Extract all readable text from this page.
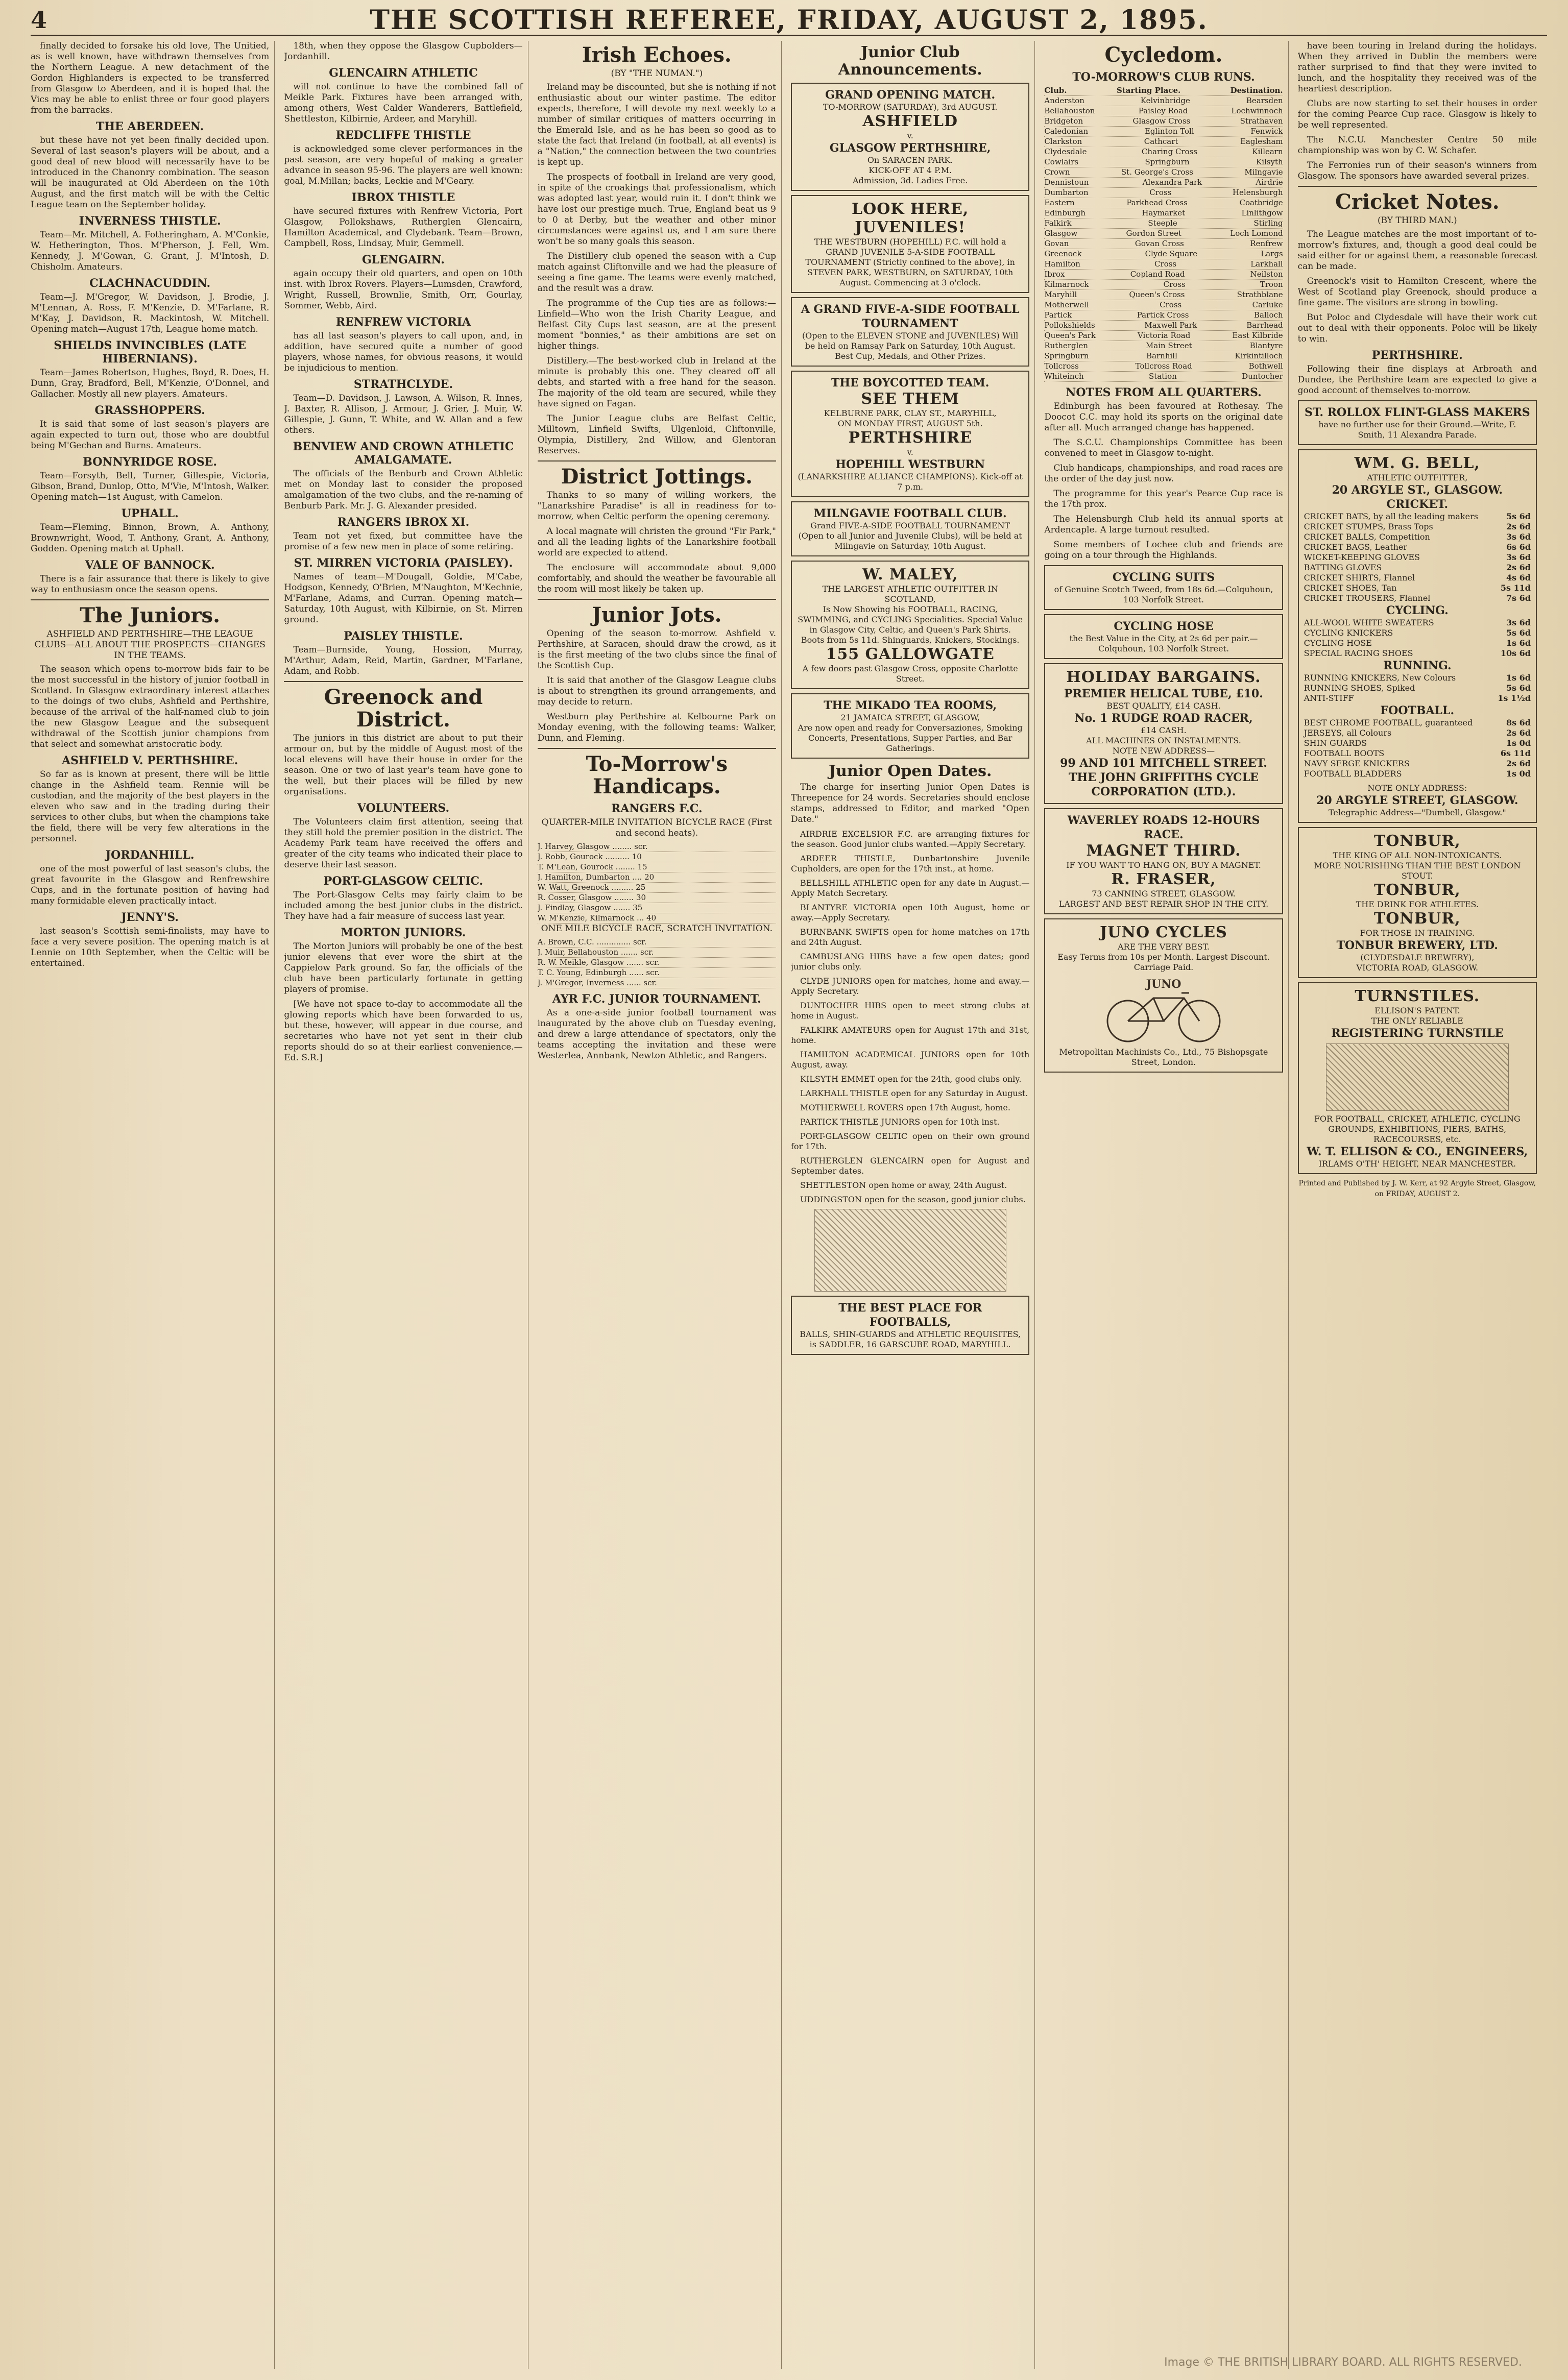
4	THE SCOTTISH REFEREE, FRIDAY, AUGUST 2, 1895.

finally decided to forsake his old love, The Unitied, as is well known, have withdrawn themselves from the Northern League. A new detachment of the Gordon Highlanders is expected to be transferred from Glasgow to Aberdeen, and it is hoped that the Vics may be able to enlist three or four good players from the barracks.

THE ABERDEEN.

but these have not yet been finally decided upon. Several of last season's players will be about, and a good deal of new blood will necessarily have to be introduced in the Chanonry combination. The season will be inaugurated at Old Aberdeen on the 10th August, and the first match will be with the Celtic League team on the September holiday.

INVERNESS THISTLE.

Team—Mr. Mitchell, A. Fotheringham, A. M'Conkie, W. Hetherington, Thos. M'Pherson, J. Fell, Wm. Kennedy, J. M'Gowan, G. Grant, J. M'Intosh, D. Chisholm. Amateurs.

CLACHNACUDDIN.

Team—J. M'Gregor, W. Davidson, J. Brodie, J. M'Lennan, A. Ross, F. M'Kenzie, D. M'Farlane, R. M'Kay, J. Davidson, R. Mackintosh, W. Mitchell. Opening match—August 17th, League home match.

SHIELDS INVINCIBLES (LATE HIBERNIANS).

Team—James Robertson, Hughes, Boyd, R. Does, H. Dunn, Gray, Bradford, Bell, M'Kenzie, O'Donnel, and Gallacher. Mostly all new players. Amateurs.

GRASSHOPPERS.

It is said that some of last season's players are again expected to turn out, those who are doubtful being M'Gechan and Burns. Amateurs.

BONNYRIDGE ROSE.

Team—Forsyth, Bell, Turner, Gillespie, Victoria, Gibson, Brand, Dunlop, Otto, M'Vie, M'Intosh, Walker. Opening match—1st August, with Camelon.

UPHALL.

Team—Fleming, Binnon, Brown, A. Anthony, Brownwright, Wood, T. Anthony, Grant, A. Anthony, Godden. Opening match at Uphall.

VALE OF BANNOCK.

There is a fair assurance that there is likely to give way to enthusiasm once the season opens.

The Juniors.
ASHFIELD AND PERTHSHIRE—THE LEAGUE CLUBS—ALL ABOUT THE PROSPECTS—CHANGES IN THE TEAMS.

The season which opens to-morrow bids fair to be the most successful in the history of junior football in Scotland. In Glasgow extraordinary interest attaches to the doings of two clubs, Ashfield and Perthshire, because of the arrival of the half-named club to join the new Glasgow League and the subsequent withdrawal of the Scottish junior champions from that select and somewhat aristocratic body.

ASHFIELD V. PERTHSHIRE.

So far as is known at present, there will be little change in the Ashfield team. Rennie will be custodian, and the majority of the best players in the eleven who saw and in the trading during their services to other clubs, but when the champions take the field, there will be very few alterations in the personnel.

JORDANHILL.

one of the most powerful of last season's clubs, the great favourite in the Glasgow and Renfrewshire Cups, and in the fortunate position of having had many formidable eleven practically intact.

JENNY'S.

last season's Scottish semi-finalists, may have to face a very severe position. The opening match is at Lennie on 10th September, when the Celtic will be entertained.

18th, when they oppose the Glasgow Cupbolders—Jordanhill.

GLENCAIRN ATHLETIC

will not continue to have the combined fall of Meikle Park. Fixtures have been arranged with, among others, West Calder Wanderers, Battlefield, Shettleston, Kilbirnie, Ardeer, and Maryhill.

REDCLIFFE THISTLE

is acknowledged some clever performances in the past season, are very hopeful of making a greater advance in season 95-96. The players are well known: goal, M.Millan; backs, Leckie and M'Geary.

IBROX THISTLE

have secured fixtures with Renfrew Victoria, Port Glasgow, Pollokshaws, Rutherglen Glencairn, Hamilton Academical, and Clydebank. Team—Brown, Campbell, Ross, Lindsay, Muir, Gemmell.

GLENGAIRN.

again occupy their old quarters, and open on 10th inst. with Ibrox Rovers. Players—Lumsden, Crawford, Wright, Russell, Brownlie, Smith, Orr, Gourlay, Sommer, Webb, Aird.

RENFREW VICTORIA

has all last season's players to call upon, and, in addition, have secured quite a number of good players, whose names, for obvious reasons, it would be injudicious to mention.

STRATHCLYDE.

Team—D. Davidson, J. Lawson, A. Wilson, R. Innes, J. Baxter, R. Allison, J. Armour, J. Grier, J. Muir, W. Gillespie, J. Gunn, T. White, and W. Allan and a few others.

BENVIEW AND CROWN ATHLETIC AMALGAMATE.

The officials of the Benburb and Crown Athletic met on Monday last to consider the proposed amalgamation of the two clubs, and the re-naming of Benburb Park. Mr. J. G. Alexander presided.

RANGERS IBROX XI.

Team not yet fixed, but committee have the promise of a few new men in place of some retiring.

ST. MIRREN VICTORIA (PAISLEY).

Names of team—M'Dougall, Goldie, M'Cabe, Hodgson, Kennedy, O'Brien, M'Naughton, M'Kechnie, M'Farlane, Adams, and Curran. Opening match—Saturday, 10th August, with Kilbirnie, on St. Mirren ground.

PAISLEY THISTLE.

Team—Burnside, Young, Hossion, Murray, M'Arthur, Adam, Reid, Martin, Gardner, M'Farlane, Adam, and Robb.

Greenock and District.

The juniors in this district are about to put their armour on, but by the middle of August most of the local elevens will have their house in order for the season. One or two of last year's team have gone to the well, but their places will be filled by new organisations.

VOLUNTEERS.

The Volunteers claim first attention, seeing that they still hold the premier position in the district. The Academy Park team have received the offers and greater of the city teams who indicated their place to deserve their last season.

PORT-GLASGOW CELTIC.

The Port-Glasgow Celts may fairly claim to be included among the best junior clubs in the district. They have had a fair measure of success last year.

MORTON JUNIORS.

The Morton Juniors will probably be one of the best junior elevens that ever wore the shirt at the Cappielow Park ground. So far, the officials of the club have been particularly fortunate in getting players of promise.

[We have not space to-day to accommodate all the glowing reports which have been forwarded to us, but these, however, will appear in due course, and secretaries who have not yet sent in their club reports should do so at their earliest convenience.—Ed. S.R.]

Irish Echoes.
(BY "THE NUMAN.")

Ireland may be discounted, but she is nothing if not enthusiastic about our winter pastime. The editor expects, therefore, I will devote my next weekly to a number of similar critiques of matters occurring in the Emerald Isle, and as he has been so good as to state the fact that Ireland (in football, at all events) is a "Nation," the connection between the two countries is kept up.

The prospects of football in Ireland are very good, in spite of the croakings that professionalism, which was adopted last year, would ruin it. I don't think we have lost our prestige much. True, England beat us 9 to 0 at Derby, but the weather and other minor circumstances were against us, and I am sure there won't be so many goals this season.

The Distillery club opened the season with a Cup match against Cliftonville and we had the pleasure of seeing a fine game. The teams were evenly matched, and the result was a draw.

The programme of the Cup ties are as follows:—Linfield—Who won the Irish Charity League, and Belfast City Cups last season, are at the present moment "bonnies," as their ambitions are set on higher things.

Distillery.—The best-worked club in Ireland at the minute is probably this one. They cleared off all debts, and started with a free hand for the season. The majority of the old team are secured, while they have signed on Fagan.

The Junior League clubs are Belfast Celtic, Milltown, Linfield Swifts, Ulgenloid, Cliftonville, Olympia, Distillery, 2nd Willow, and Glentoran Reserves.

District Jottings.

Thanks to so many of willing workers, the "Lanarkshire Paradise" is all in readiness for to-morrow, when Celtic perform the opening ceremony.

A local magnate will christen the ground "Fir Park," and all the leading lights of the Lanarkshire football world are expected to attend.

The enclosure will accommodate about 9,000 comfortably, and should the weather be favourable all the room will most likely be taken up.

Junior Jots.

Opening of the season to-morrow. Ashfield v. Perthshire, at Saracen, should draw the crowd, as it is the first meeting of the two clubs since the final of the Scottish Cup.

It is said that another of the Glasgow League clubs is about to strengthen its ground arrangements, and may decide to return.

Westburn play Perthshire at Kelbourne Park on Monday evening, with the following teams: Walker, Dunn, and Fleming.

To-Morrow's Handicaps.
RANGERS F.C.
QUARTER-MILE INVITATION BICYCLE RACE (First and second heats).
J. Harvey, Glasgow ........ scr.
J. Robb, Gourock .......... 10
T. M'Lean, Gourock ........ 15
J. Hamilton, Dumbarton .... 20
W. Watt, Greenock ......... 25
R. Cosser, Glasgow ........ 30
J. Findlay, Glasgow ....... 35
W. M'Kenzie, Kilmarnock ... 40
ONE MILE BICYCLE RACE, SCRATCH INVITATION.
A. Brown, C.C. .............. scr.
J. Muir, Bellahouston ....... scr.
R. W. Meikle, Glasgow ....... scr.
T. C. Young, Edinburgh ...... scr.
J. M'Gregor, Inverness ...... scr.
AYR F.C. JUNIOR TOURNAMENT.

As a one-a-side junior football tournament was inaugurated by the above club on Tuesday evening, and drew a large attendance of spectators, only the teams accepting the invitation and these were Westerlea, Annbank, Newton Athletic, and Rangers.

Junior Club Announcements.
GRAND OPENING MATCH.
TO-MORROW (SATURDAY), 3rd AUGUST.
ASHFIELD
v.
GLASGOW PERTHSHIRE,
On SARACEN PARK.
KICK-OFF AT 4 P.M.
Admission, 3d. Ladies Free.
LOOK HERE, JUVENILES!
THE WESTBURN (HOPEHILL) F.C. will hold a GRAND JUVENILE 5-A-SIDE FOOTBALL TOURNAMENT (Strictly confined to the above), in STEVEN PARK, WESTBURN, on SATURDAY, 10th August. Commencing at 3 o'clock.
A GRAND FIVE-A-SIDE FOOTBALL TOURNAMENT
(Open to the ELEVEN STONE and JUVENILES) Will be held on Ramsay Park on Saturday, 10th August. Best Cup, Medals, and Other Prizes.
THE BOYCOTTED TEAM.
SEE THEM
KELBURNE PARK, CLAY ST., MARYHILL,
ON MONDAY FIRST, AUGUST 5th.
PERTHSHIRE
v.
HOPEHILL WESTBURN
(LANARKSHIRE ALLIANCE CHAMPIONS). Kick-off at 7 p.m.
MILNGAVIE FOOTBALL CLUB.
Grand FIVE-A-SIDE FOOTBALL TOURNAMENT (Open to all Junior and Juvenile Clubs), will be held at Milngavie on Saturday, 10th August.
W. MALEY,
THE LARGEST ATHLETIC OUTFITTER IN SCOTLAND,
Is Now Showing his FOOTBALL, RACING, SWIMMING, and CYCLING Specialities. Special Value in Glasgow City, Celtic, and Queen's Park Shirts. Boots from 5s 11d. Shinguards, Knickers, Stockings.
155 GALLOWGATE
A few doors past Glasgow Cross, opposite Charlotte Street.
THE MIKADO TEA ROOMS,
21 JAMAICA STREET, GLASGOW,
Are now open and ready for Conversaziones, Smoking Concerts, Presentations, Supper Parties, and Bar Gatherings.
Junior Open Dates.

The charge for inserting Junior Open Dates is Threepence for 24 words. Secretaries should enclose stamps, addressed to Editor, and marked "Open Date."

AIRDRIE EXCELSIOR F.C. are arranging fixtures for the season. Good junior clubs wanted.—Apply Secretary.

ARDEER THISTLE, Dunbartonshire Juvenile Cupholders, are open for the 17th inst., at home.

BELLSHILL ATHLETIC open for any date in August.—Apply Match Secretary.

BLANTYRE VICTORIA open 10th August, home or away.—Apply Secretary.

BURNBANK SWIFTS open for home matches on 17th and 24th August.

CAMBUSLANG HIBS have a few open dates; good junior clubs only.

CLYDE JUNIORS open for matches, home and away.—Apply Secretary.

DUNTOCHER HIBS open to meet strong clubs at home in August.

FALKIRK AMATEURS open for August 17th and 31st, home.

HAMILTON ACADEMICAL JUNIORS open for 10th August, away.

KILSYTH EMMET open for the 24th, good clubs only.

LARKHALL THISTLE open for any Saturday in August.

MOTHERWELL ROVERS open 17th August, home.

PARTICK THISTLE JUNIORS open for 10th inst.

PORT-GLASGOW CELTIC open on their own ground for 17th.

RUTHERGLEN GLENCAIRN open for August and September dates.

SHETTLESTON open home or away, 24th August.

UDDINGSTON open for the season, good junior clubs.

THE BEST PLACE FOR FOOTBALLS,
BALLS, SHIN-GUARDS and ATHLETIC REQUISITES, is SADDLER, 16 GARSCUBE ROAD, MARYHILL.
Cycledom.
TO-MORROW'S CLUB RUNS.
Club.	Starting Place.	Destination.
Anderston	Kelvinbridge	Bearsden
Bellahouston	Paisley Road	Lochwinnoch
Bridgeton	Glasgow Cross	Strathaven
Caledonian	Eglinton Toll	Fenwick
Clarkston	Cathcart	Eaglesham
Clydesdale	Charing Cross	Killearn
Cowlairs	Springburn	Kilsyth
Crown	St. George's Cross	Milngavie
Dennistoun	Alexandra Park	Airdrie
Dumbarton	Cross	Helensburgh
Eastern	Parkhead Cross	Coatbridge
Edinburgh	Haymarket	Linlithgow
Falkirk	Steeple	Stirling
Glasgow	Gordon Street	Loch Lomond
Govan	Govan Cross	Renfrew
Greenock	Clyde Square	Largs
Hamilton	Cross	Larkhall
Ibrox	Copland Road	Neilston
Kilmarnock	Cross	Troon
Maryhill	Queen's Cross	Strathblane
Motherwell	Cross	Carluke
Partick	Partick Cross	Balloch
Pollokshields	Maxwell Park	Barrhead
Queen's Park	Victoria Road	East Kilbride
Rutherglen	Main Street	Blantyre
Springburn	Barnhill	Kirkintilloch
Tollcross	Tollcross Road	Bothwell
Whiteinch	Station	Duntocher
NOTES FROM ALL QUARTERS.

Edinburgh has been favoured at Rothesay. The Doocot C.C. may hold its sports on the original date after all. Much arranged change has happened.

The S.C.U. Championships Committee has been convened to meet in Glasgow to-night.

Club handicaps, championships, and road races are the order of the day just now.

The programme for this year's Pearce Cup race is the 17th prox.

The Helensburgh Club held its annual sports at Ardencaple. A large turnout resulted.

Some members of Lochee club and friends are going on a tour through the Highlands.

CYCLING SUITS
of Genuine Scotch Tweed, from 18s 6d.—Colquhoun, 103 Norfolk Street.
CYCLING HOSE
the Best Value in the City, at 2s 6d per pair.—Colquhoun, 103 Norfolk Street.
HOLIDAY BARGAINS.
PREMIER HELICAL TUBE, £10.
BEST QUALITY, £14 CASH.
No. 1 RUDGE ROAD RACER,
£14 CASH.
ALL MACHINES ON INSTALMENTS.
NOTE NEW ADDRESS—
99 AND 101 MITCHELL STREET.
THE JOHN GRIFFITHS CYCLE CORPORATION (LTD.).
WAVERLEY ROADS 12-HOURS RACE.
MAGNET THIRD.
IF YOU WANT TO HANG ON, BUY A MAGNET.
R. FRASER,
73 CANNING STREET, GLASGOW.
LARGEST AND BEST REPAIR SHOP IN THE CITY.
JUNO CYCLES
ARE THE VERY BEST.
Easy Terms from 10s per Month. Largest Discount. Carriage Paid.
JUNO
Metropolitan Machinists Co., Ltd., 75 Bishopsgate Street, London.

have been touring in Ireland during the holidays. When they arrived in Dublin the members were rather surprised to find that they were invited to lunch, and the hospitality they received was of the heartiest description.

Clubs are now starting to set their houses in order for the coming Pearce Cup race. Glasgow is likely to be well represented.

The N.C.U. Manchester Centre 50 mile championship was won by C. W. Schafer.

The Ferronies run of their season's winners from Glasgow. The sponsors have awarded several prizes.

Cricket Notes.
(BY THIRD MAN.)

The League matches are the most important of to-morrow's fixtures, and, though a good deal could be said either for or against them, a reasonable forecast can be made.

Greenock's visit to Hamilton Crescent, where the West of Scotland play Greenock, should produce a fine game. The visitors are strong in bowling.

But Poloc and Clydesdale will have their work cut out to deal with their opponents. Poloc will be likely to win.

PERTHSHIRE.

Following their fine displays at Arbroath and Dundee, the Perthshire team are expected to give a good account of themselves to-morrow.

ST. ROLLOX FLINT-GLASS MAKERS
have no further use for their Ground.—Write, F. Smith, 11 Alexandra Parade.
WM. G. BELL,
ATHLETIC OUTFITTER,
20 ARGYLE ST., GLASGOW.
CRICKET.
CRICKET BATS, by all the leading makers	5s 6d
CRICKET STUMPS, Brass Tops	2s 6d
CRICKET BALLS, Competition	3s 6d
CRICKET BAGS, Leather	6s 6d
WICKET-KEEPING GLOVES	3s 6d
BATTING GLOVES	2s 6d
CRICKET SHIRTS, Flannel	4s 6d
CRICKET SHOES, Tan	5s 11d
CRICKET TROUSERS, Flannel	7s 6d
CYCLING.
ALL-WOOL WHITE SWEATERS	3s 6d
CYCLING KNICKERS	5s 6d
CYCLING HOSE	1s 6d
SPECIAL RACING SHOES	10s 6d
RUNNING.
RUNNING KNICKERS, New Colours	1s 6d
RUNNING SHOES, Spiked	5s 6d
ANTI-STIFF	1s 1½d
FOOTBALL.
BEST CHROME FOOTBALL, guaranteed	8s 6d
JERSEYS, all Colours	2s 6d
SHIN GUARDS	1s 0d
FOOTBALL BOOTS	6s 11d
NAVY SERGE KNICKERS	2s 6d
FOOTBALL BLADDERS	1s 0d
NOTE ONLY ADDRESS:
20 ARGYLE STREET, GLASGOW.
Telegraphic Address—"Dumbell, Glasgow."
TONBUR,
THE KING OF ALL NON-INTOXICANTS.
MORE NOURISHING THAN THE BEST LONDON STOUT.
TONBUR,
THE DRINK FOR ATHLETES.
TONBUR,
FOR THOSE IN TRAINING.
TONBUR BREWERY, LTD.
(CLYDESDALE BREWERY),
VICTORIA ROAD, GLASGOW.
TURNSTILES.
ELLISON'S PATENT.
THE ONLY RELIABLE
REGISTERING TURNSTILE
FOR FOOTBALL, CRICKET, ATHLETIC, CYCLING GROUNDS, EXHIBITIONS, PIERS, BATHS, RACECOURSES, etc.
W. T. ELLISON & CO., ENGINEERS,
IRLAMS O'TH' HEIGHT, NEAR MANCHESTER.
Printed and Published by J. W. Kerr, at 92 Argyle Street, Glasgow, on FRIDAY, AUGUST 2.
Image © THE BRITISH LIBRARY BOARD. ALL RIGHTS RESERVED.
